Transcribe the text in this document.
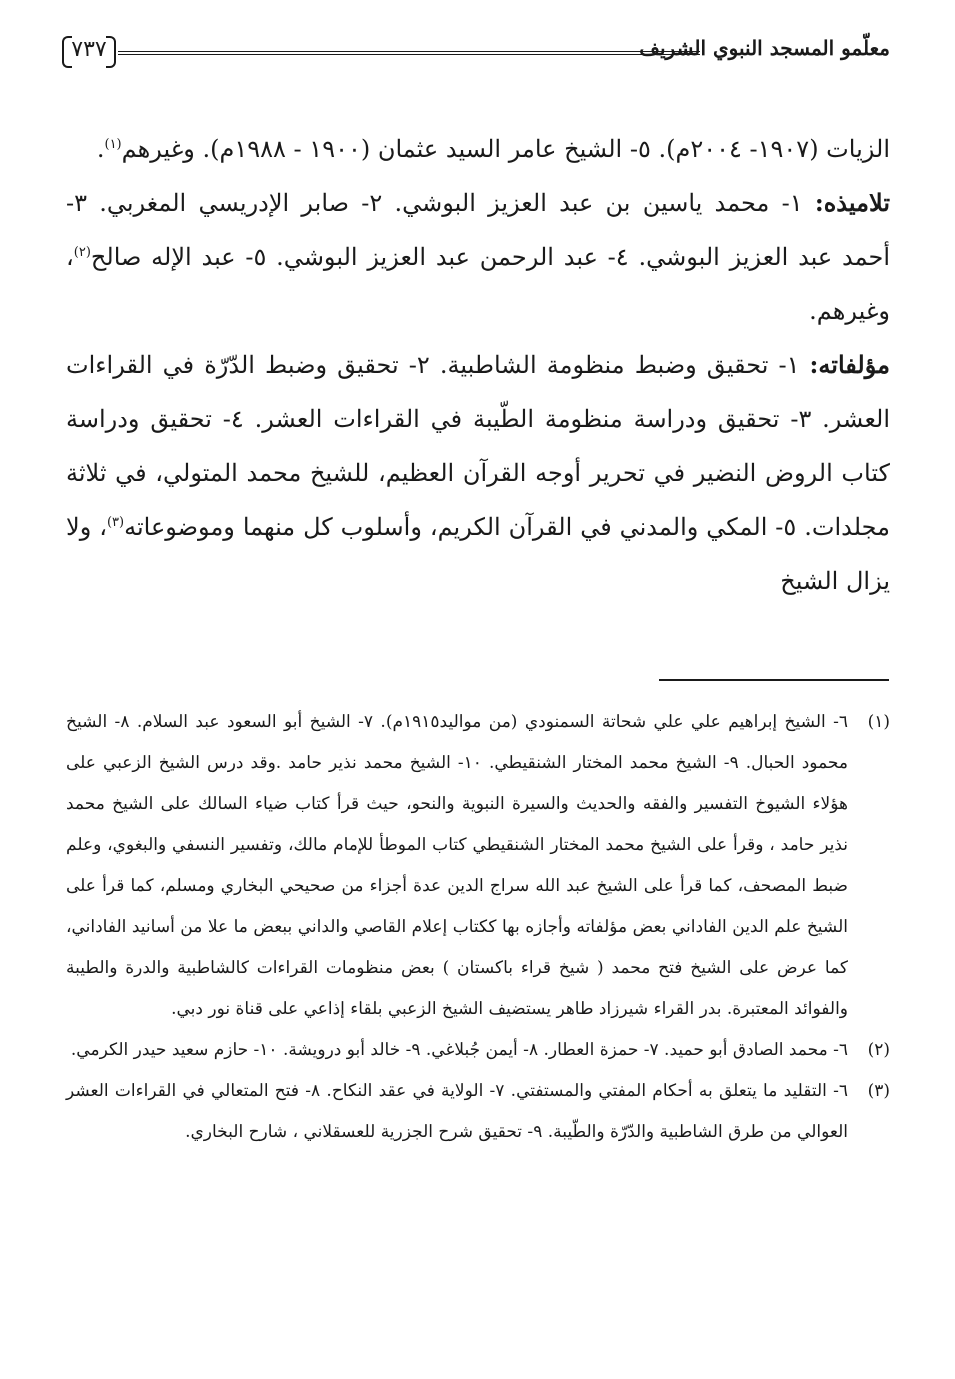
معلّمو المسجد النبوي الشريف
٧٣٧

الزيات (١٩٠٧- ٢٠٠٤م). ٥- الشيخ عامر السيد عثمان (١٩٠٠ - ١٩٨٨م). وغيرهم$^{(١)}$.

تلاميذه: ١- محمد ياسين بن عبد العزيز البوشي. ٢- صابر الإدريسي المغربي. ٣- أحمد عبد العزيز البوشي. ٤- عبد الرحمن عبد العزيز البوشي. ٥- عبد الإله صالح$^{(٢)}$، وغيرهم.

مؤلفاته: ١- تحقيق وضبط منظومة الشاطبية. ٢- تحقيق وضبط الدّرّة في القراءات العشر. ٣- تحقيق ودراسة منظومة الطّيبة في القراءات العشر. ٤- تحقيق ودراسة كتاب الروض النضير في تحرير أوجه القرآن العظيم، للشيخ محمد المتولي، في ثلاثة مجلدات. ٥- المكي والمدني في القرآن الكريم، وأسلوب كل منهما وموضوعاته$^{(٣)}$، ولا يزال الشيخ

(١)
٦- الشيخ إبراهيم علي علي شحاتة السمنودي (من مواليد١٩١٥م). ٧- الشيخ أبو السعود عبد السلام. ٨- الشيخ محمود الحبال. ٩- الشيخ محمد المختار الشنقيطي. ١٠- الشيخ محمد نذير حامد .وقد درس الشيخ الزعبي على هؤلاء الشيوخ التفسير والفقه والحديث والسيرة النبوية والنحو، حيث قرأ كتاب ضياء السالك على الشيخ محمد نذير حامد ، وقرأ على الشيخ محمد المختار الشنقيطي كتاب الموطأ للإمام مالك، وتفسير النسفي والبغوي، وعلم ضبط المصحف، كما قرأ على الشيخ عبد الله سراج الدين عدة أجزاء من صحيحي البخاري ومسلم، كما قرأ على الشيخ علم الدين الفاداني بعض مؤلفاته وأجازه بها ككتاب إعلام القاصي والداني ببعض ما علا من أسانيد الفاداني، كما عرض على الشيخ فتح محمد ( شيخ قراء باكستان ) بعض منظومات القراءات كالشاطبية والدرة والطيبة والفوائد المعتبرة. بدر القراء شيرزاد طاهر يستضيف الشيخ الزعبي بلقاء إذاعي على قناة نور دبي.

(٢)
٦- محمد الصادق أبو حميد. ٧- حمزة العطار. ٨- أيمن جُبلاغي. ٩- خالد أبو درويشة. ١٠- حازم سعيد حيدر الكرمي.

(٣)
٦- التقليد ما يتعلق به أحكام المفتي والمستفتي. ٧- الولاية في عقد النكاح. ٨- فتح المتعالي في القراءات العشر العوالي من طرق الشاطبية والدّرّة والطّيبة. ٩- تحقيق شرح الجزرية للعسقلاني ، شارح البخاري.
